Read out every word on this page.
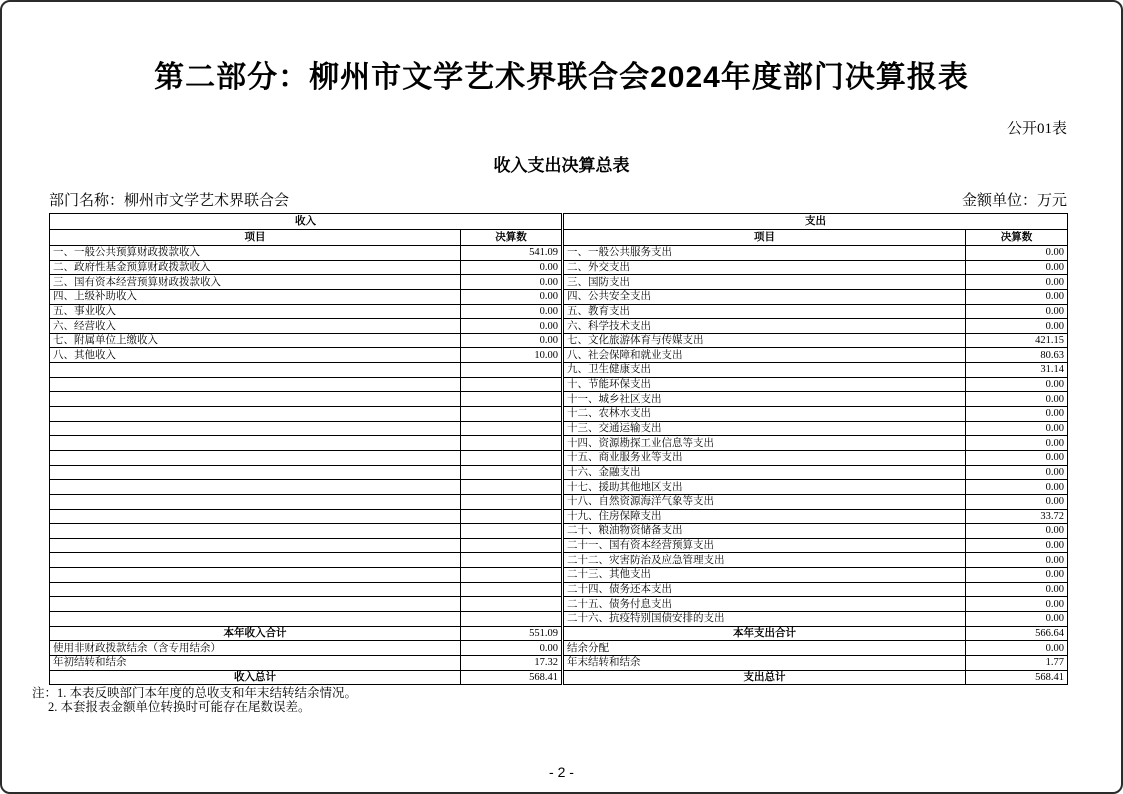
第二部分：柳州市文学艺术界联合会2024年度部门决算报表
公开01表
收入支出决算总表
部门名称：柳州市文学艺术界联合会	金额单位：万元
收入		支出	
项目	决算数	项目	决算数
一、一般公共预算财政拨款收入	541.09	一、一般公共服务支出	0.00
二、政府性基金预算财政拨款收入	0.00	二、外交支出	0.00
三、国有资本经营预算财政拨款收入	0.00	三、国防支出	0.00
四、上级补助收入	0.00	四、公共安全支出	0.00
五、事业收入	0.00	五、教育支出	0.00
六、经营收入	0.00	六、科学技术支出	0.00
七、附属单位上缴收入	0.00	七、文化旅游体育与传媒支出	421.15
八、其他收入	10.00	八、社会保障和就业支出	80.63
		九、卫生健康支出	31.14
		十、节能环保支出	0.00
		十一、城乡社区支出	0.00
		十二、农林水支出	0.00
		十三、交通运输支出	0.00
		十四、资源勘探工业信息等支出	0.00
		十五、商业服务业等支出	0.00
		十六、金融支出	0.00
		十七、援助其他地区支出	0.00
		十八、自然资源海洋气象等支出	0.00
		十九、住房保障支出	33.72
		二十、粮油物资储备支出	0.00
		二十一、国有资本经营预算支出	0.00
		二十二、灾害防治及应急管理支出	0.00
		二十三、其他支出	0.00
		二十四、债务还本支出	0.00
		二十五、债务付息支出	0.00
		二十六、抗疫特别国债安排的支出	0.00
本年收入合计	551.09	本年支出合计	566.64
使用非财政拨款结余（含专用结余）	0.00	结余分配	0.00
年初结转和结余	17.32	年末结转和结余	1.77
收入总计	568.41	支出总计	568.41
注：1. 本表反映部门本年度的总收支和年末结转结余情况。
2. 本套报表金额单位转换时可能存在尾数误差。
- 2 -
